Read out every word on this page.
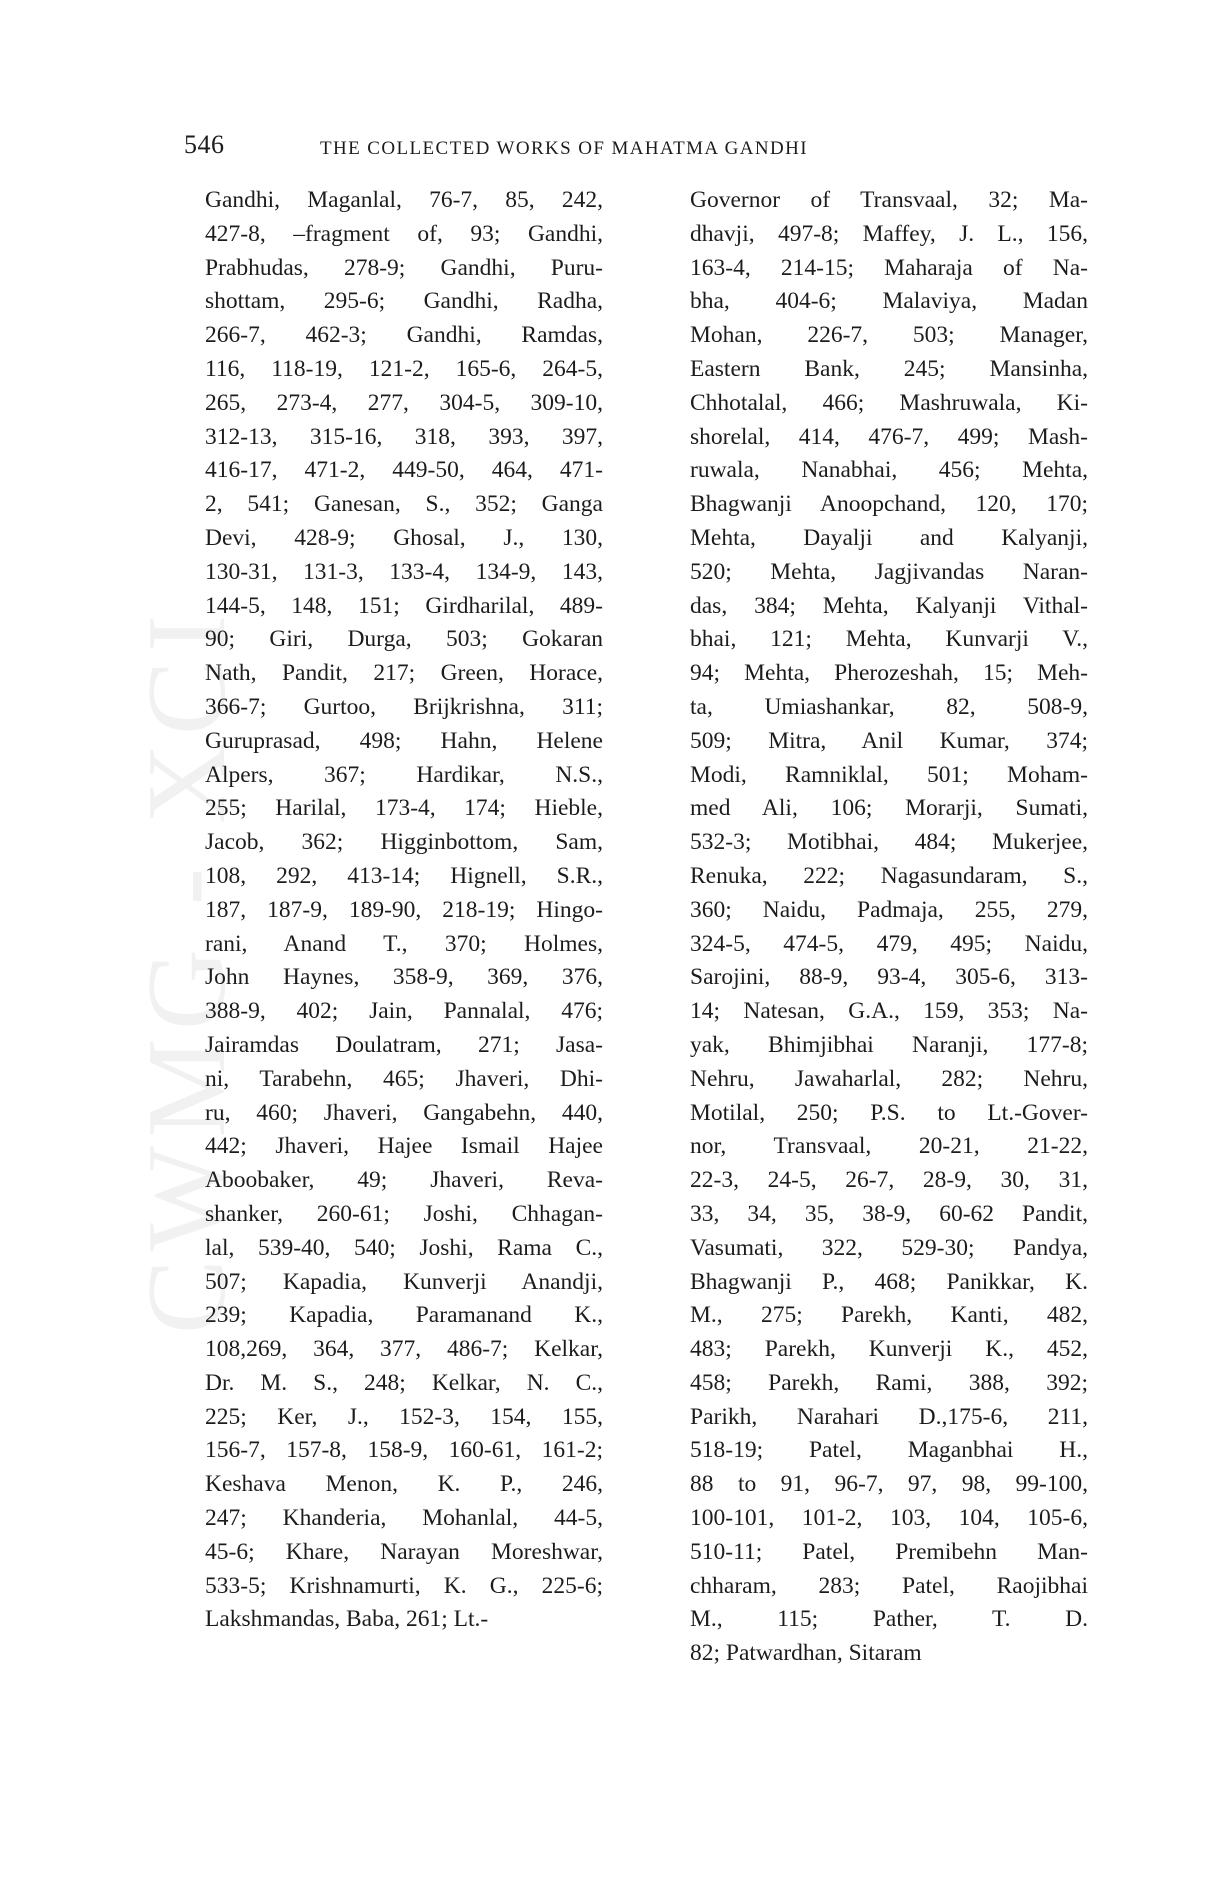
CWMG - XCI
546	THE COLLECTED WORKS OF MAHATMA GANDHI
Gandhi, Maganlal, 76-7, 85, 242,
427-8, –fragment of, 93; Gandhi,
Prabhudas, 278-9; Gandhi, Puru-
shottam, 295-6; Gandhi, Radha,
266-7, 462-3; Gandhi, Ramdas,
116, 118-19, 121-2, 165-6, 264-5,
265, 273-4, 277, 304-5, 309-10,
312-13, 315-16, 318, 393, 397,
416-17, 471-2, 449-50, 464, 471-
2, 541; Ganesan, S., 352; Ganga
Devi, 428-9; Ghosal, J., 130,
130-31, 131-3, 133-4, 134-9, 143,
144-5, 148, 151; Girdharilal, 489-
90; Giri, Durga, 503; Gokaran
Nath, Pandit, 217; Green, Horace,
366-7; Gurtoo, Brijkrishna, 311;
Guruprasad, 498; Hahn, Helene
Alpers, 367; Hardikar, N.S.,
255; Harilal, 173-4, 174; Hieble,
Jacob, 362; Higginbottom, Sam,
108, 292, 413-14; Hignell, S.R.,
187, 187-9, 189-90, 218-19; Hingo-
rani, Anand T., 370; Holmes,
John Haynes, 358-9, 369, 376,
388-9, 402; Jain, Pannalal, 476;
Jairamdas Doulatram, 271; Jasa-
ni, Tarabehn, 465; Jhaveri, Dhi-
ru, 460; Jhaveri, Gangabehn, 440,
442; Jhaveri, Hajee Ismail Hajee
Aboobaker, 49; Jhaveri, Reva-
shanker, 260-61; Joshi, Chhagan-
lal, 539-40, 540; Joshi, Rama C.,
507; Kapadia, Kunverji Anandji,
239; Kapadia, Paramanand K.,
108,269, 364, 377, 486-7; Kelkar,
Dr. M. S., 248; Kelkar, N. C.,
225; Ker, J., 152-3, 154, 155,
156-7, 157-8, 158-9, 160-61, 161-2;
Keshava Menon, K. P., 246,
247; Khanderia, Mohanlal, 44-5,
45-6; Khare, Narayan Moreshwar,
533-5; Krishnamurti, K. G., 225-6;
Lakshmandas, Baba, 261; Lt.-
Governor of Transvaal, 32; Ma-
dhavji, 497-8; Maffey, J. L., 156,
163-4, 214-15; Maharaja of Na-
bha, 404-6; Malaviya, Madan
Mohan, 226-7, 503; Manager,
Eastern Bank, 245; Mansinha,
Chhotalal, 466; Mashruwala, Ki-
shorelal, 414, 476-7, 499; Mash-
ruwala, Nanabhai, 456; Mehta,
Bhagwanji Anoopchand, 120, 170;
Mehta, Dayalji and Kalyanji,
520; Mehta, Jagjivandas Naran-
das, 384; Mehta, Kalyanji Vithal-
bhai, 121; Mehta, Kunvarji V.,
94; Mehta, Pherozeshah, 15; Meh-
ta, Umiashankar, 82, 508-9,
509; Mitra, Anil Kumar, 374;
Modi, Ramniklal, 501; Moham-
med Ali, 106; Morarji, Sumati,
532-3; Motibhai, 484; Mukerjee,
Renuka, 222; Nagasundaram, S.,
360; Naidu, Padmaja, 255, 279,
324-5, 474-5, 479, 495; Naidu,
Sarojini, 88-9, 93-4, 305-6, 313-
14; Natesan, G.A., 159, 353; Na-
yak, Bhimjibhai Naranji, 177-8;
Nehru, Jawaharlal, 282; Nehru,
Motilal, 250; P.S. to Lt.-Gover-
nor, Transvaal, 20-21, 21-22,
22-3, 24-5, 26-7, 28-9, 30, 31,
33, 34, 35, 38-9, 60-62 Pandit,
Vasumati, 322, 529-30; Pandya,
Bhagwanji P., 468; Panikkar, K.
M., 275; Parekh, Kanti, 482,
483; Parekh, Kunverji K., 452,
458; Parekh, Rami, 388, 392;
Parikh, Narahari D.,175-6, 211,
518-19; Patel, Maganbhai H.,
88 to 91, 96-7, 97, 98, 99-100,
100-101, 101-2, 103, 104, 105-6,
510-11; Patel, Premibehn Man-
chharam, 283; Patel, Raojibhai
M., 115; Pather, T. D.
82; Patwardhan, Sitaram
